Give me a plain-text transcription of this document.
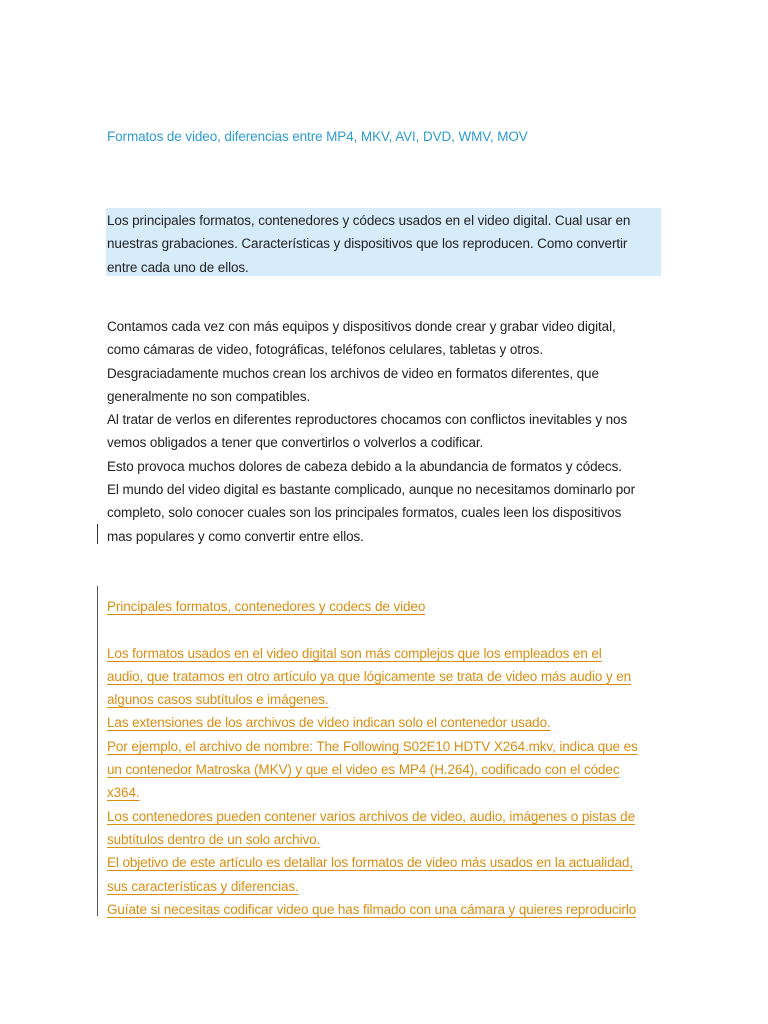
Formatos de video, diferencias entre MP4, MKV, AVI, DVD, WMV, MOV
Los principales formatos, contenedores y códecs usados en el video digital. Cual usar en
nuestras grabaciones. Características y dispositivos que los reproducen. Como convertir
entre cada uno de ellos.
Contamos cada vez con más equipos y dispositivos donde crear y grabar video digital,
como cámaras de video, fotográficas, teléfonos celulares, tabletas y otros.
Desgraciadamente muchos crean los archivos de video en formatos diferentes, que
generalmente no son compatibles.
Al tratar de verlos en diferentes reproductores chocamos con conflictos inevitables y nos
vemos obligados a tener que convertirlos o volverlos a codificar.
Esto provoca muchos dolores de cabeza debido a la abundancia de formatos y códecs.
El mundo del video digital es bastante complicado, aunque no necesitamos dominarlo por
completo, solo conocer cuales son los principales formatos, cuales leen los dispositivos
mas populares y como convertir entre ellos.
Principales formatos, contenedores y codecs de video
Los formatos usados en el video digital son más complejos que los empleados en el
audio, que tratamos en otro artículo ya que lógicamente se trata de video más audio y en
algunos casos subtítulos e imágenes.
Las extensiones de los archivos de video indican solo el contenedor usado.
Por ejemplo, el archivo de nombre: The Following S02E10 HDTV X264.mkv, indica que es
un contenedor Matroska (MKV) y que el video es MP4 (H.264), codificado con el códec
x364.
Los contenedores pueden contener varios archivos de video, audio, imágenes o pistas de
subtítulos dentro de un solo archivo.
El objetivo de este artículo es detallar los formatos de video más usados en la actualidad,
sus características y diferencias.
Guíate si necesitas codificar video que has filmado con una cámara y quieres reproducirlo
